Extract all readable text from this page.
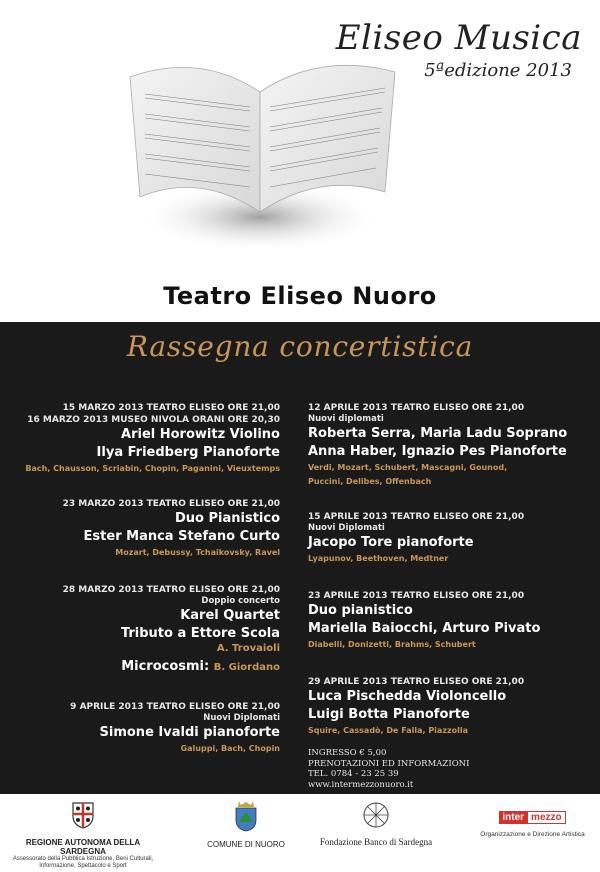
Eliseo Musica
5ªedizione 2013
Teatro Eliseo Nuoro
Rassegna concertistica
15 MARZO 2013 TEATRO ELISEO ORE 21,00
16 MARZO 2013 MUSEO NIVOLA ORANI ORE 20,30
Ariel Horowitz Violino
Ilya Friedberg Pianoforte
Bach, Chausson, Scriabin, Chopin, Paganini, Vieuxtemps
23 MARZO 2013 TEATRO ELISEO ORE 21,00
Duo Pianistico
Ester Manca Stefano Curto
Mozart, Debussy, Tchaikovsky, Ravel
28 MARZO 2013 TEATRO ELISEO ORE 21,00
Doppio concerto
Karel Quartet
Tributo a Ettore Scola
A. Trovaioli
Microcosmi: B. Giordano
9 APRILE 2013 TEATRO ELISEO ORE 21,00
Nuovi Diplomati
Simone Ivaldi pianoforte
Galuppi, Bach, Chopin
12 APRILE 2013 TEATRO ELISEO ORE 21,00
Nuovi diplomati
Roberta Serra, Maria Ladu Soprano
Anna Haber, Ignazio Pes Pianoforte
Verdi, Mozart, Schubert, Mascagni, Gounod,
Puccini, Delibes, Offenbach
15 APRILE 2013 TEATRO ELISEO ORE 21,00
Nuovi Diplomati
Jacopo Tore pianoforte
Lyapunov, Beethoven, Medtner
23 APRILE 2013 TEATRO ELISEO ORE 21,00
Duo pianistico
Mariella Baiocchi, Arturo Pivato
Diabelli, Donizetti, Brahms, Schubert
29 APRILE 2013 TEATRO ELISEO ORE 21,00
Luca Pischedda Violoncello
Luigi Botta Pianoforte
Squire, Cassadò, De Falla, Piazzolla
INGRESSO € 5,00
PRENOTAZIONI ED INFORMAZIONI
TEL. 0784 - 23 25 39
www.intermezzonuoro.it
REGIONE AUTONOMA DELLA SARDEGNA
Assessorato della Pubblica Istruzione, Beni Culturali,
Informazione, Spettacolo e Sport
COMUNE DI NUORO	Fondazione Banco di Sardegna
inter mezzo
Organizzazione e Direzione Artistica
